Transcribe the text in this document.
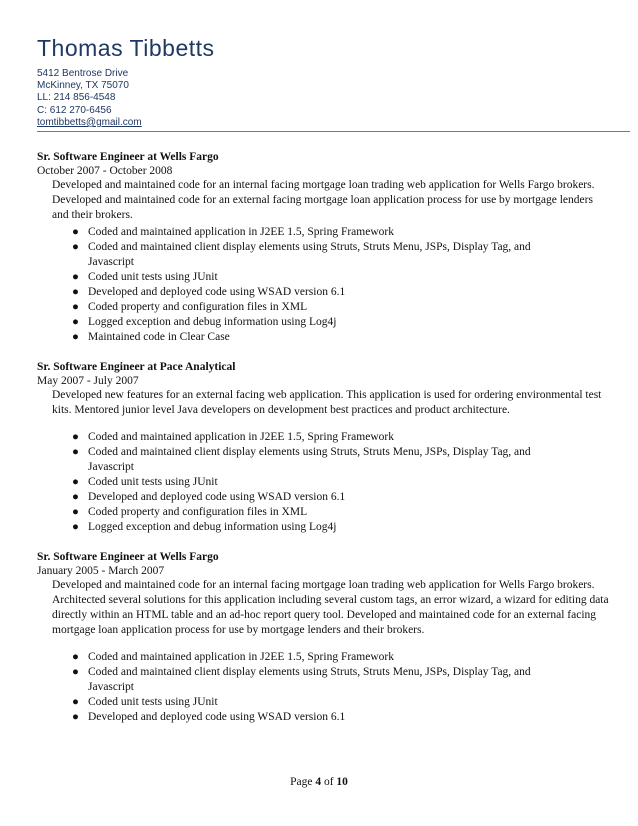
Thomas Tibbetts
5412 Bentrose Drive
McKinney, TX 75070
LL: 214 856-4548
C: 612 270-6456
tomtibbetts@gmail.com
Sr. Software Engineer at Wells Fargo
October 2007 - October 2008
Developed and maintained code for an internal facing mortgage loan trading web application for Wells Fargo brokers. Developed and maintained code for an external facing mortgage loan application process for use by mortgage lenders and their brokers.
● Coded and maintained application in J2EE 1.5, Spring Framework
● Coded and maintained client display elements using Struts, Struts Menu, JSPs, Display Tag, and Javascript
● Coded unit tests using JUnit
● Developed and deployed code using WSAD version 6.1
● Coded property and configuration files in XML
● Logged exception and debug information using Log4j
● Maintained code in Clear Case
Sr. Software Engineer at Pace Analytical
May 2007 - July 2007
Developed new features for an external facing web application. This application is used for ordering environmental test kits. Mentored junior level Java developers on development best practices and product architecture.
● Coded and maintained application in J2EE 1.5, Spring Framework
● Coded and maintained client display elements using Struts, Struts Menu, JSPs, Display Tag, and Javascript
● Coded unit tests using JUnit
● Developed and deployed code using WSAD version 6.1
● Coded property and configuration files in XML
● Logged exception and debug information using Log4j
Sr. Software Engineer at Wells Fargo
January 2005 - March 2007
Developed and maintained code for an internal facing mortgage loan trading web application for Wells Fargo brokers. Architected several solutions for this application including several custom tags, an error wizard, a wizard for editing data directly within an HTML table and an ad-hoc report query tool. Developed and maintained code for an external facing mortgage loan application process for use by mortgage lenders and their brokers.
● Coded and maintained application in J2EE 1.5, Spring Framework
● Coded and maintained client display elements using Struts, Struts Menu, JSPs, Display Tag, and Javascript
● Coded unit tests using JUnit
● Developed and deployed code using WSAD version 6.1
Page 4 of 10
